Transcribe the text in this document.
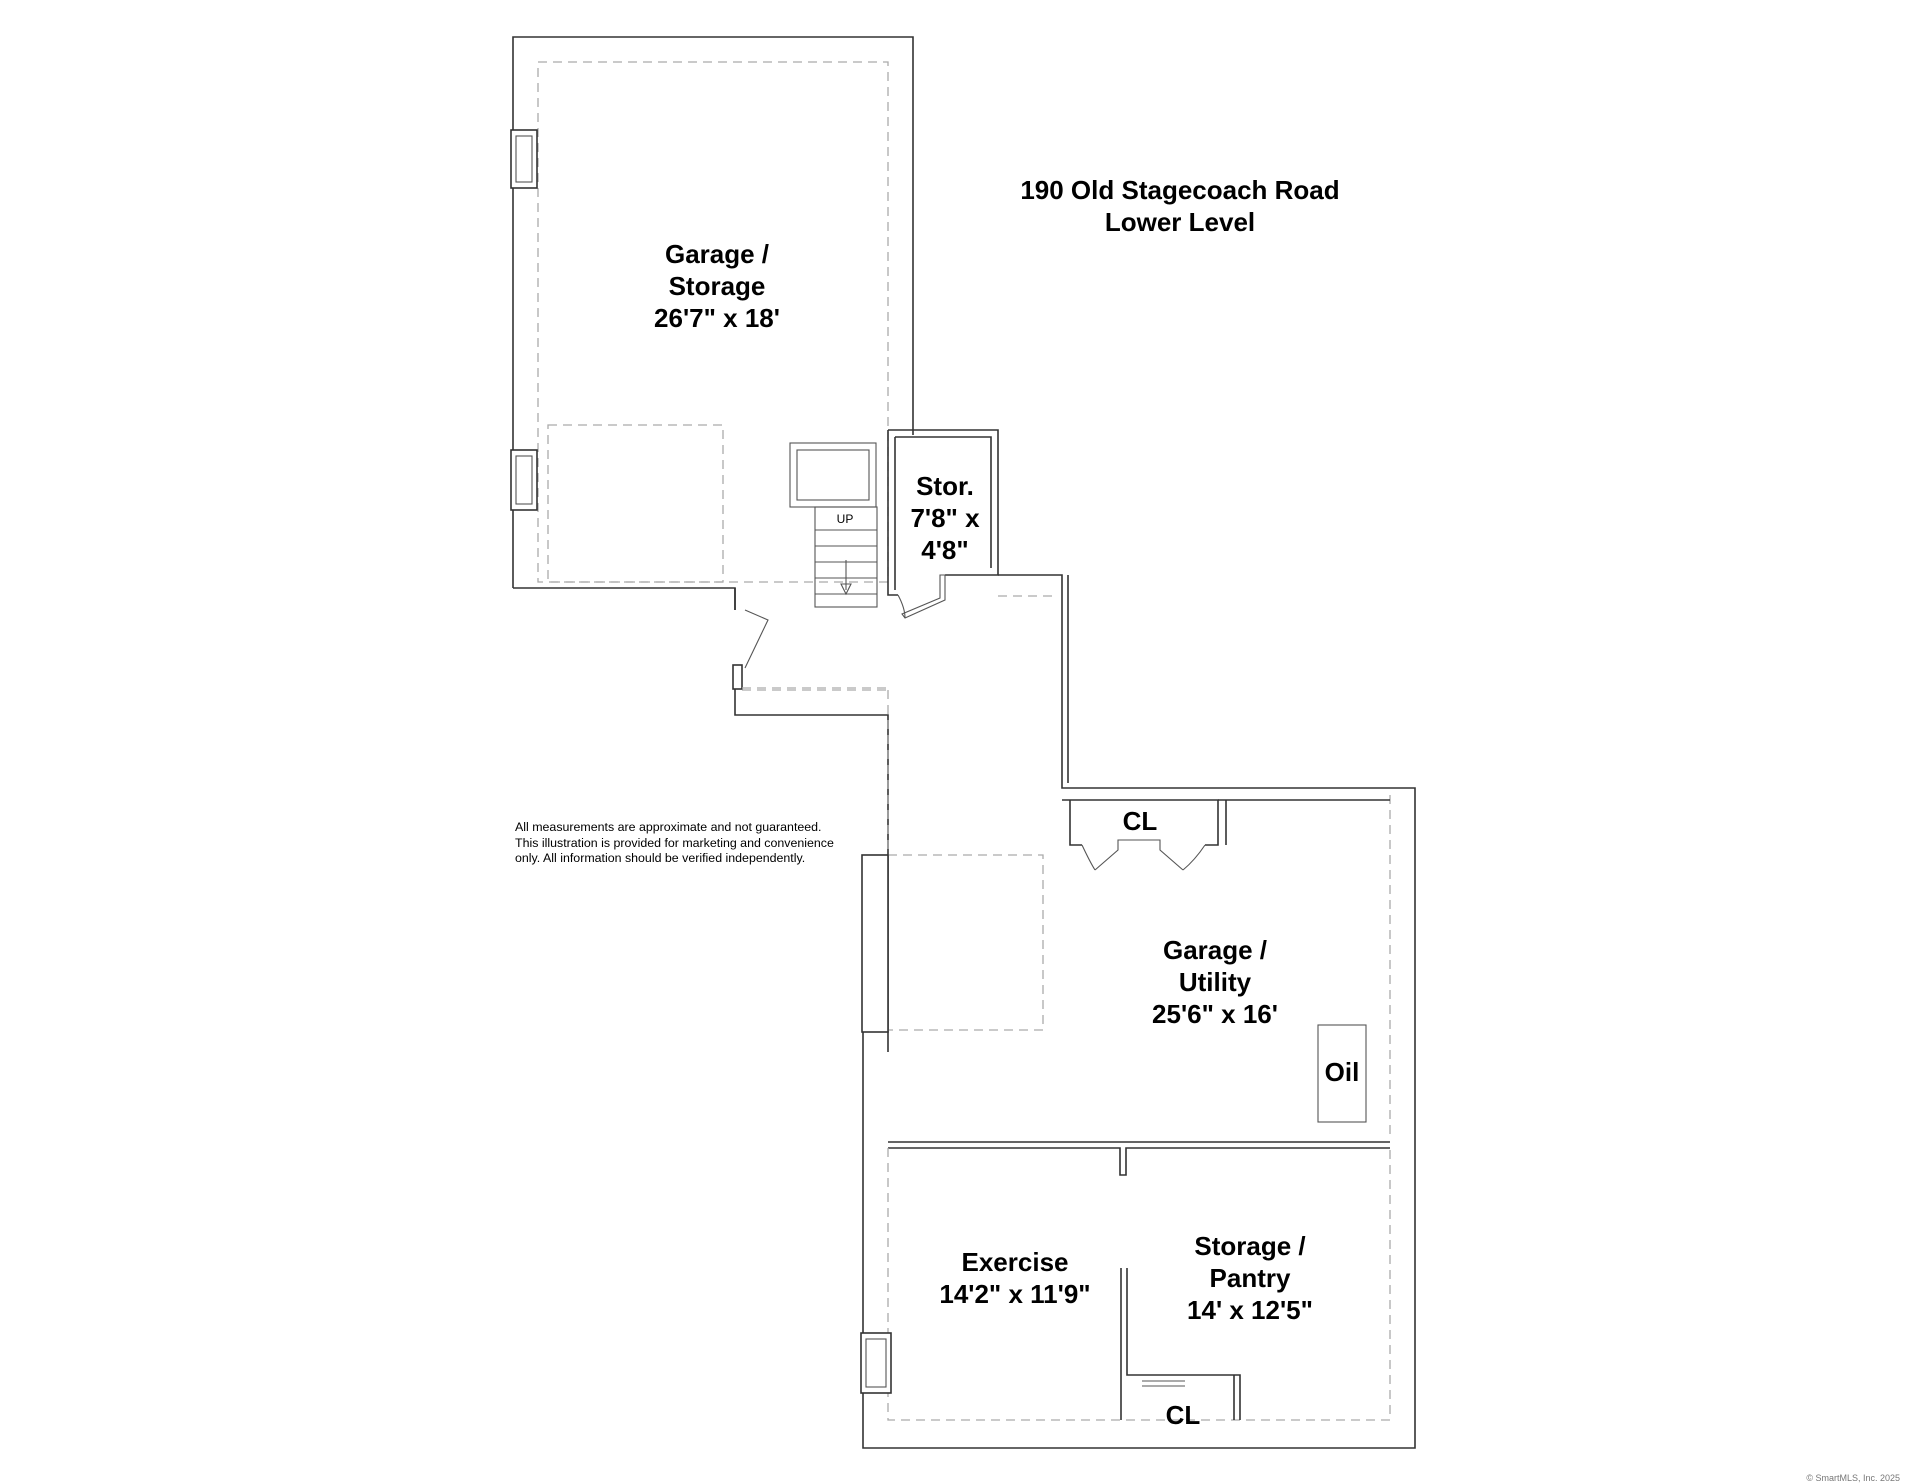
190 Old Stagecoach Road
Lower Level
Garage /
Storage
26'7" x 18'
Stor.
7'8" x
4'8"
UP
CL
Garage /
Utility
25'6" x 16'
Oil
Exercise
14'2" x 11'9"
Storage /
Pantry
14' x 12'5"
CL
All measurements are approximate and not guaranteed. This illustration is provided for marketing and convenience only. All information should be verified independently.
© SmartMLS, Inc. 2025
